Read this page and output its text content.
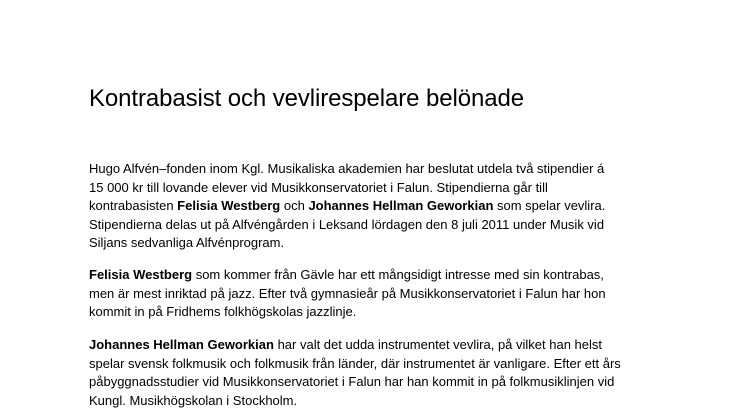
Kontrabasist och vevlirespelare belönade

Hugo Alfvén–fonden inom Kgl. Musikaliska akademien har beslutat utdela två stipendier á
15 000 kr till lovande elever vid Musikkonservatoriet i Falun. Stipendierna går till
kontrabasisten Felisia Westberg och Johannes Hellman Geworkian som spelar vevlira.
Stipendierna delas ut på Alfvéngården i Leksand lördagen den 8 juli 2011 under Musik vid
Siljans sedvanliga Alfvénprogram.

Felisia Westberg som kommer från Gävle har ett mångsidigt intresse med sin kontrabas,
men är mest inriktad på jazz. Efter två gymnasieår på Musikkonservatoriet i Falun har hon
kommit in på Fridhems folkhögskolas jazzlinje.

Johannes Hellman Geworkian har valt det udda instrumentet vevlira, på vilket han helst
spelar svensk folkmusik och folkmusik från länder, där instrumentet är vanligare. Efter ett års
påbyggnadsstudier vid Musikkonservatoriet i Falun har han kommit in på folkmusiklinjen vid
Kungl. Musikhögskolan i Stockholm.
